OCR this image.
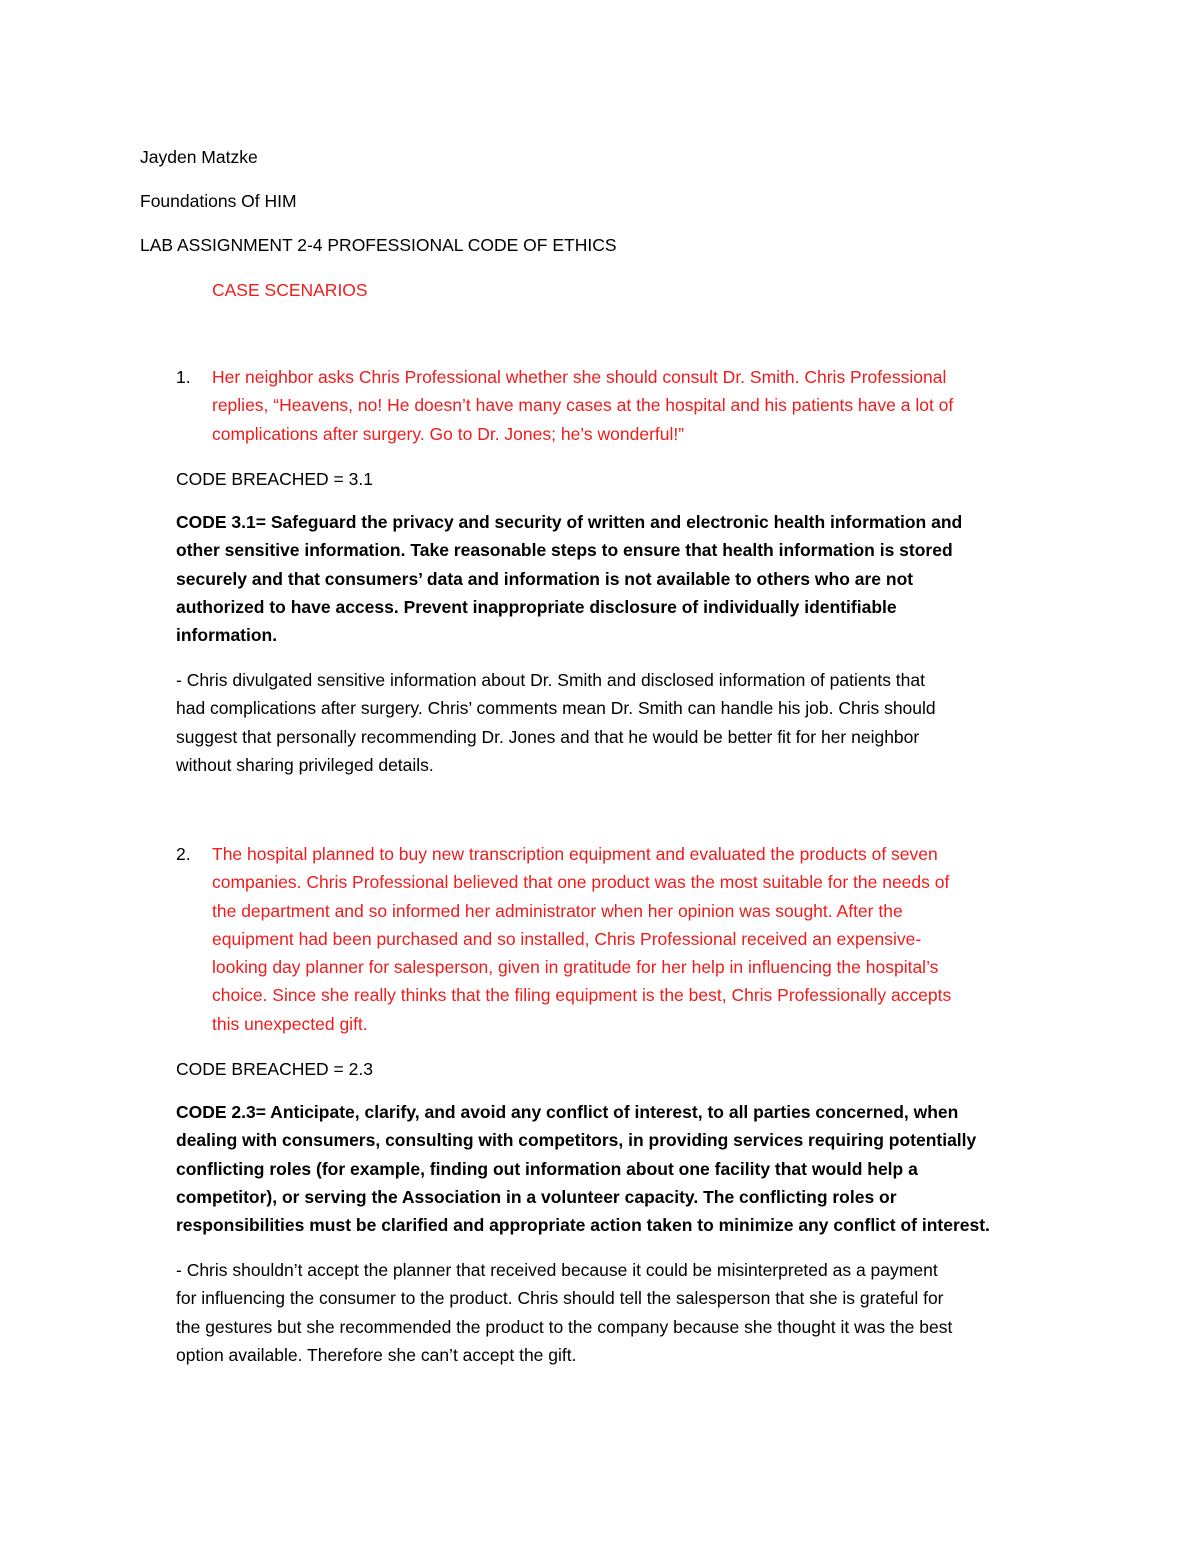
Jayden Matzke

Foundations Of HIM

LAB ASSIGNMENT 2-4 PROFESSIONAL CODE OF ETHICS

CASE SCENARIOS

1. Her neighbor asks Chris Professional whether she should consult Dr. Smith. Chris Professional
replies, “Heavens, no! He doesn’t have many cases at the hospital and his patients have a lot of
complications after surgery. Go to Dr. Jones; he’s wonderful!”

CODE BREACHED = 3.1

CODE 3.1= Safeguard the privacy and security of written and electronic health information and
other sensitive information. Take reasonable steps to ensure that health information is stored
securely and that consumers’ data and information is not available to others who are not
authorized to have access. Prevent inappropriate disclosure of individually identifiable
information.

- Chris divulgated sensitive information about Dr. Smith and disclosed information of patients that
had complications after surgery. Chris’ comments mean Dr. Smith can handle his job. Chris should
suggest that personally recommending Dr. Jones and that he would be better fit for her neighbor
without sharing privileged details.

2. The hospital planned to buy new transcription equipment and evaluated the products of seven
companies. Chris Professional believed that one product was the most suitable for the needs of
the department and so informed her administrator when her opinion was sought. After the
equipment had been purchased and so installed, Chris Professional received an expensive-
looking day planner for salesperson, given in gratitude for her help in influencing the hospital’s
choice. Since she really thinks that the filing equipment is the best, Chris Professionally accepts
this unexpected gift.

CODE BREACHED = 2.3

CODE 2.3= Anticipate, clarify, and avoid any conflict of interest, to all parties concerned, when
dealing with consumers, consulting with competitors, in providing services requiring potentially
conflicting roles (for example, finding out information about one facility that would help a
competitor), or serving the Association in a volunteer capacity. The conflicting roles or
responsibilities must be clarified and appropriate action taken to minimize any conflict of interest.

- Chris shouldn’t accept the planner that received because it could be misinterpreted as a payment
for influencing the consumer to the product. Chris should tell the salesperson that she is grateful for
the gestures but she recommended the product to the company because she thought it was the best
option available. Therefore she can’t accept the gift.
